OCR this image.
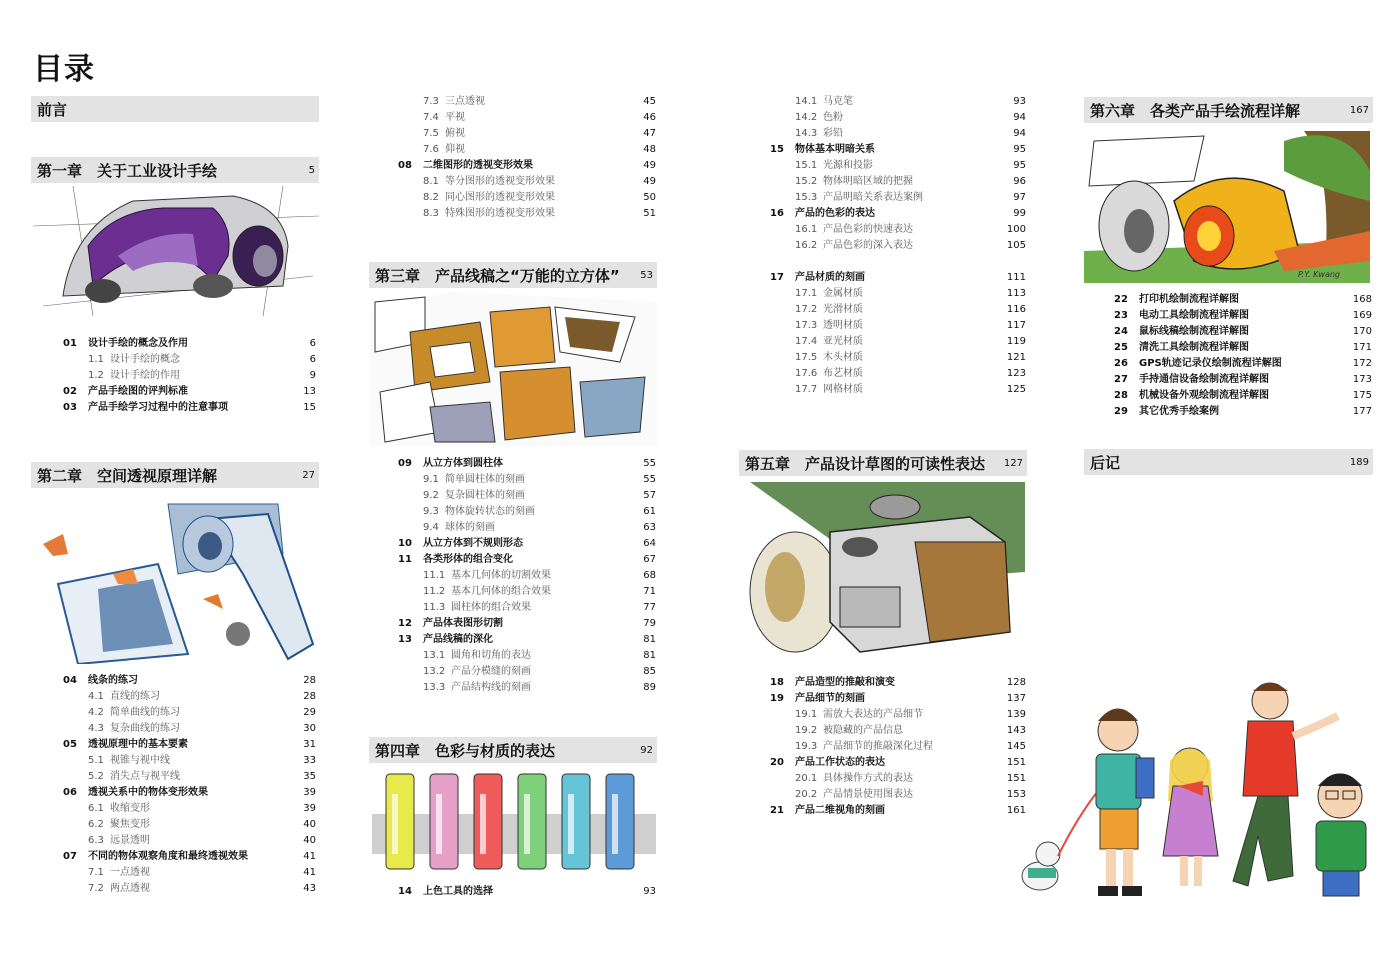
目录
前言
第一章　关于工业设计手绘	5
第二章　空间透视原理详解	27
第三章　产品线稿之“万能的立方体” 53
第四章　色彩与材质的表达	92
第五章　产品设计草图的可读性表达 127
第六章　各类产品手绘流程详解	167
后记	189
P.Y. Kwang
01 设计手绘的概念及作用	6
1.1 设计手绘的概念	6
1.2 设计手绘的作用	9
02 产品手绘图的评判标准	13
03 产品手绘学习过程中的注意事项	15
04 线条的练习	28
4.1 直线的练习	28
4.2 简单曲线的练习	29
4.3 复杂曲线的练习	30
05 透视原理中的基本要素	31
5.1 视锥与视中线	33
5.2 消失点与视平线	35
06 透视关系中的物体变形效果	39
6.1 收缩变形	39
6.2 聚焦变形	40
6.3 远景透明	40
07 不同的物体观察角度和最终透视效果	41
7.1 一点透视	41
7.2 两点透视	43
7.3 三点透视	45
7.4 平视	46
7.5 俯视	47
7.6 仰视	48
08 二维图形的透视变形效果	49
8.1 等分图形的透视变形效果	49
8.2 同心图形的透视变形效果	50
8.3 特殊图形的透视变形效果	51
09 从立方体到圆柱体	55
9.1 简单圆柱体的刻画	55
9.2 复杂圆柱体的刻画	57
9.3 物体旋转状态的刻画	61
9.4 球体的刻画	63
10 从立方体到不规则形态	64
11 各类形体的组合变化	67
11.1 基本几何体的切割效果	68
11.2 基本几何体的组合效果	71
11.3 圆柱体的组合效果	77
12 产品体表图形切割	79
13 产品线稿的深化	81
13.1 圆角和切角的表达	81
13.2 产品分模缝的刻画	85
13.3 产品结构线的刻画	89
14 上色工具的选择	93
14.1 马克笔	93
14.2 色粉	94
14.3 彩铅	94
15 物体基本明暗关系	95
15.1 光源和投影	95
15.2 物体明暗区域的把握	96
15.3 产品明暗关系表达案例	97
16 产品的色彩的表达	99
16.1 产品色彩的快速表达	100
16.2 产品色彩的深入表达	105
17 产品材质的刻画	111
17.1 金属材质	113
17.2 光滑材质	116
17.3 透明材质	117
17.4 亚光材质	119
17.5 木头材质	121
17.6 布艺材质	123
17.7 网格材质	125
18 产品造型的推敲和演变	128
19 产品细节的刻画	137
19.1 需放大表达的产品细节	139
19.2 被隐藏的产品信息	143
19.3 产品细节的推敲深化过程	145
20 产品工作状态的表达	151
20.1 具体操作方式的表达	151
20.2 产品情景使用图表达	153
21 产品二维视角的刻画	161
22 打印机绘制流程详解图	168
23 电动工具绘制流程详解图	169
24 鼠标线稿绘制流程详解图	170
25 清洗工具绘制流程详解图	171
26 GPS轨迹记录仪绘制流程详解图	172
27 手持通信设备绘制流程详解图	173
28 机械设备外观绘制流程详解图	175
29 其它优秀手绘案例	177
